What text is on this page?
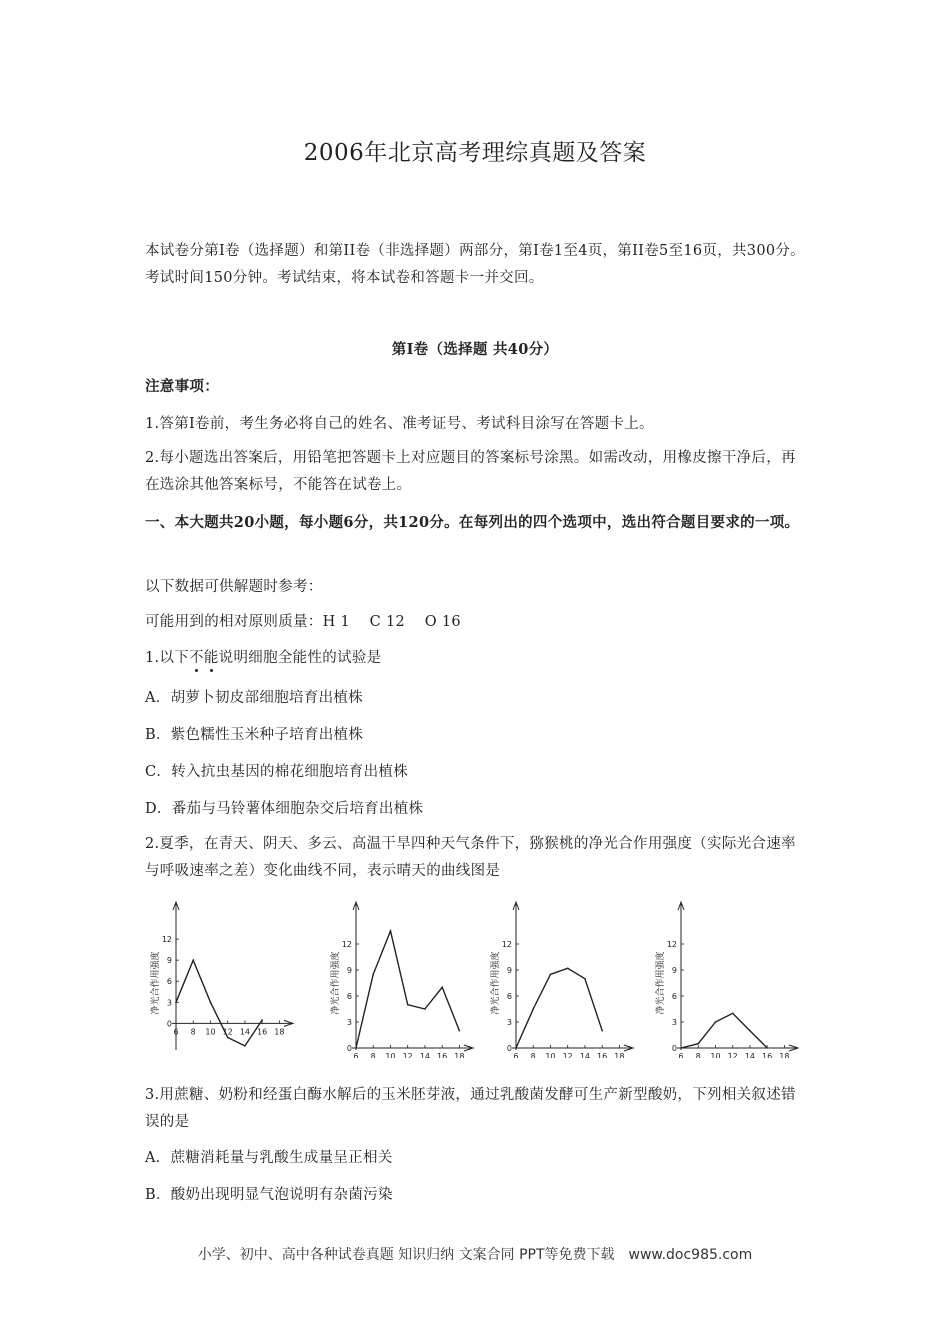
2006年北京高考理综真题及答案
本试卷分第I卷（选择题）和第II卷（非选择题）两部分，第I卷1至4页，第II卷5至16页，共300分。考试时间150分钟。考试结束，将本试卷和答题卡一并交回。
第I卷（选择题 共40分）
注意事项：
1.答第I卷前，考生务必将自己的姓名、准考证号、考试科目涂写在答题卡上。
2.每小题选出答案后，用铅笔把答题卡上对应题目的答案标号涂黑。如需改动，用橡皮擦干净后，再在选涂其他答案标号，不能答在试卷上。
一、本大题共20小题，每小题6分，共120分。在每列出的四个选项中，选出符合题目要求的一项。
以下数据可供解题时参考：
可能用到的相对原则质量：H 1　 C 12　 O 16
1.以下不能说明细胞全能性的试验是
A．胡萝卜韧皮部细胞培育出植株
B．紫色糯性玉米种子培育出植株
C．转入抗虫基因的棉花细胞培育出植株
D．番茄与马铃薯体细胞杂交后培育出植株
2.夏季，在青天、阴天、多云、高温干旱四种天气条件下，猕猴桃的净光合作用强度（实际光合速率与呼吸速率之差）变化曲线不同，表示晴天的曲线图是
净光合作用强度
0
3
6
9
12
6 8 10 12 14 16 18
净光合作用强度
0
3
6
9
12
6 8 10 12 14 16 18
净光合作用强度
0
3
6
9
12
6 8 10 12 14 16 18
净光合作用强度
0
3
6
9
12
6 8 10 12 14 16 18
3.用蔗糖、奶粉和经蛋白酶水解后的玉米胚芽液，通过乳酸菌发酵可生产新型酸奶，下列相关叙述错误的是
A．蔗糖消耗量与乳酸生成量呈正相关
B．酸奶出现明显气泡说明有杂菌污染
小学、初中、高中各种试卷真题 知识归纳 文案合同 PPT等免费下载　www.doc985.com
